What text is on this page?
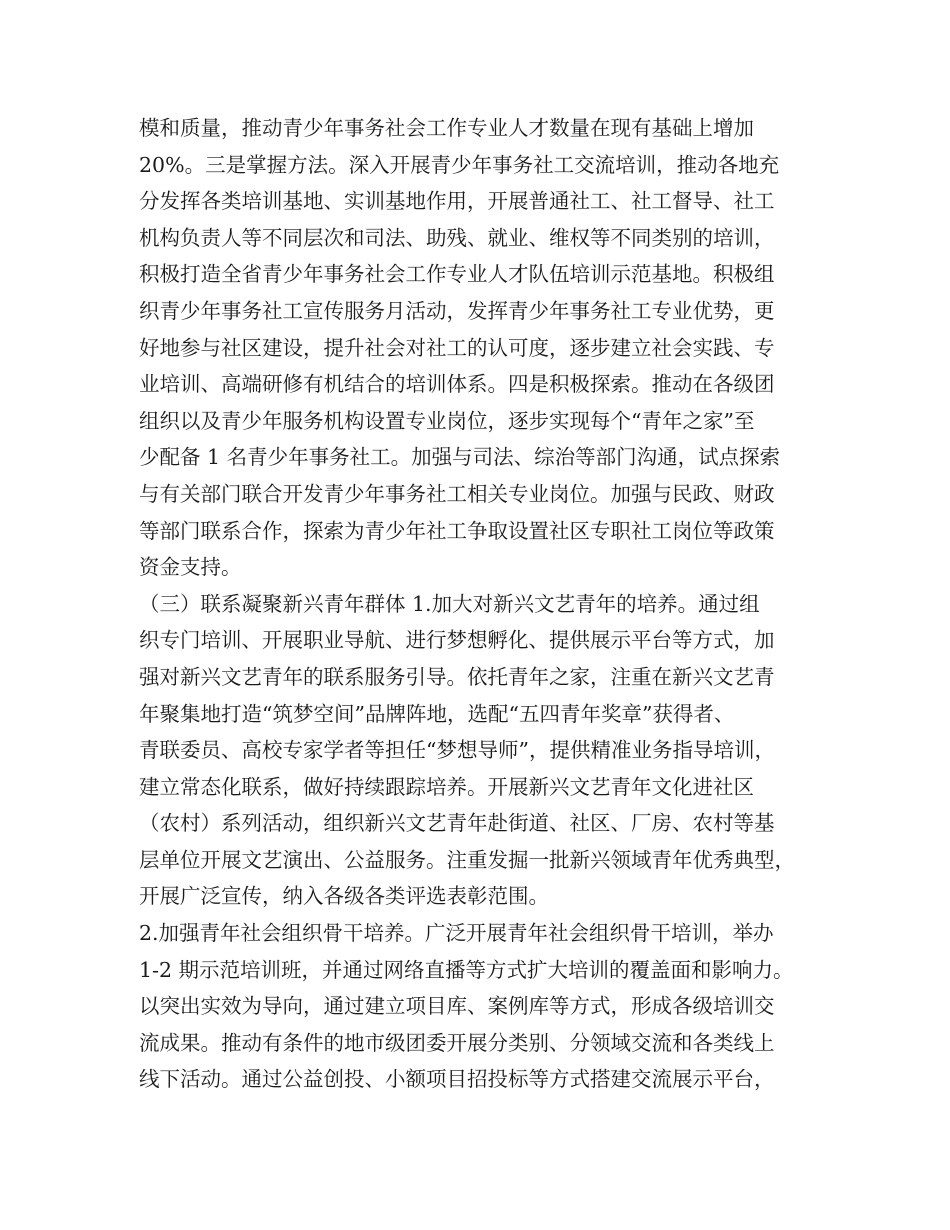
模和质量，推动青少年事务社会工作专业人才数量在现有基础上增加
20%。三是掌握方法。深入开展青少年事务社工交流培训，推动各地充
分发挥各类培训基地、实训基地作用，开展普通社工、社工督导、社工
机构负责人等不同层次和司法、助残、就业、维权等不同类别的培训，
积极打造全省青少年事务社会工作专业人才队伍培训示范基地。积极组
织青少年事务社工宣传服务月活动，发挥青少年事务社工专业优势，更
好地参与社区建设，提升社会对社工的认可度，逐步建立社会实践、专
业培训、高端研修有机结合的培训体系。四是积极探索。推动在各级团
组织以及青少年服务机构设置专业岗位，逐步实现每个“青年之家”至
少配备 1 名青少年事务社工。加强与司法、综治等部门沟通，试点探索
与有关部门联合开发青少年事务社工相关专业岗位。加强与民政、财政
等部门联系合作，探索为青少年社工争取设置社区专职社工岗位等政策
资金支持。
（三）联系凝聚新兴青年群体 1.加大对新兴文艺青年的培养。通过组
织专门培训、开展职业导航、进行梦想孵化、提供展示平台等方式，加
强对新兴文艺青年的联系服务引导。依托青年之家，注重在新兴文艺青
年聚集地打造“筑梦空间”品牌阵地，选配“五四青年奖章”获得者、
青联委员、高校专家学者等担任“梦想导师”，提供精准业务指导培训，
建立常态化联系，做好持续跟踪培养。开展新兴文艺青年文化进社区
（农村）系列活动，组织新兴文艺青年赴街道、社区、厂房、农村等基
层单位开展文艺演出、公益服务。注重发掘一批新兴领域青年优秀典型，
开展广泛宣传，纳入各级各类评选表彰范围。
2.加强青年社会组织骨干培养。广泛开展青年社会组织骨干培训，举办
1-2 期示范培训班，并通过网络直播等方式扩大培训的覆盖面和影响力。
以突出实效为导向，通过建立项目库、案例库等方式，形成各级培训交
流成果。推动有条件的地市级团委开展分类别、分领域交流和各类线上
线下活动。通过公益创投、小额项目招投标等方式搭建交流展示平台，
